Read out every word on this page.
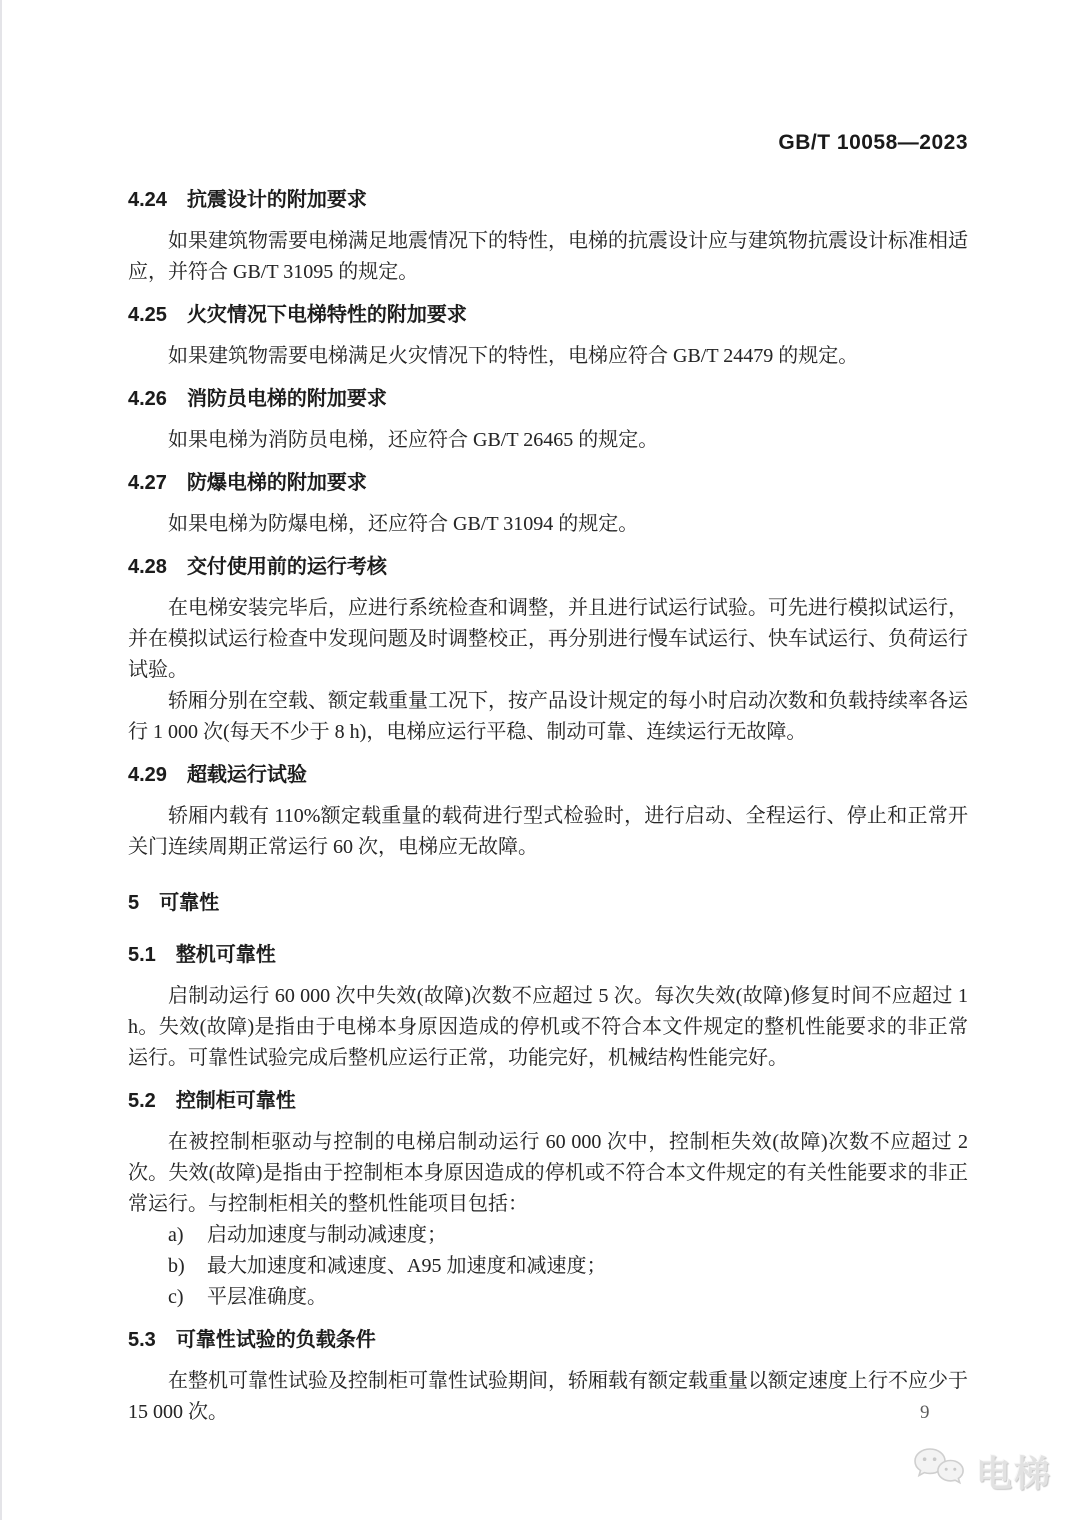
GB/T 10058—2023
4.24 抗震设计的附加要求

如果建筑物需要电梯满足地震情况下的特性，电梯的抗震设计应与建筑物抗震设计标准相适应，并符合 GB/T 31095 的规定。

4.25 火灾情况下电梯特性的附加要求

如果建筑物需要电梯满足火灾情况下的特性，电梯应符合 GB/T 24479 的规定。

4.26 消防员电梯的附加要求

如果电梯为消防员电梯，还应符合 GB/T 26465 的规定。

4.27 防爆电梯的附加要求

如果电梯为防爆电梯，还应符合 GB/T 31094 的规定。

4.28 交付使用前的运行考核

在电梯安装完毕后，应进行系统检查和调整，并且进行试运行试验。可先进行模拟试运行，并在模拟试运行检查中发现问题及时调整校正，再分别进行慢车试运行、快车试运行、负荷运行试验。

轿厢分别在空载、额定载重量工况下，按产品设计规定的每小时启动次数和负载持续率各运行 1 000 次(每天不少于 8 h)，电梯应运行平稳、制动可靠、连续运行无故障。

4.29 超载运行试验

轿厢内载有 110%额定载重量的载荷进行型式检验时，进行启动、全程运行、停止和正常开关门连续周期正常运行 60 次，电梯应无故障。

5 可靠性
5.1 整机可靠性

启制动运行 60 000 次中失效(故障)次数不应超过 5 次。每次失效(故障)修复时间不应超过 1 h。失效(故障)是指由于电梯本身原因造成的停机或不符合本文件规定的整机性能要求的非正常运行。可靠性试验完成后整机应运行正常，功能完好，机械结构性能完好。

5.2 控制柜可靠性

在被控制柜驱动与控制的电梯启制动运行 60 000 次中，控制柜失效(故障)次数不应超过 2 次。失效(故障)是指由于控制柜本身原因造成的停机或不符合本文件规定的有关性能要求的非正常运行。与控制柜相关的整机性能项目包括：

a) 启动加速度与制动减速度；
b) 最大加速度和减速度、A95 加速度和减速度；
c) 平层准确度。
5.3 可靠性试验的负载条件

在整机可靠性试验及控制柜可靠性试验期间，轿厢载有额定载重量以额定速度上行不应少于 15 000 次。	9
电梯
